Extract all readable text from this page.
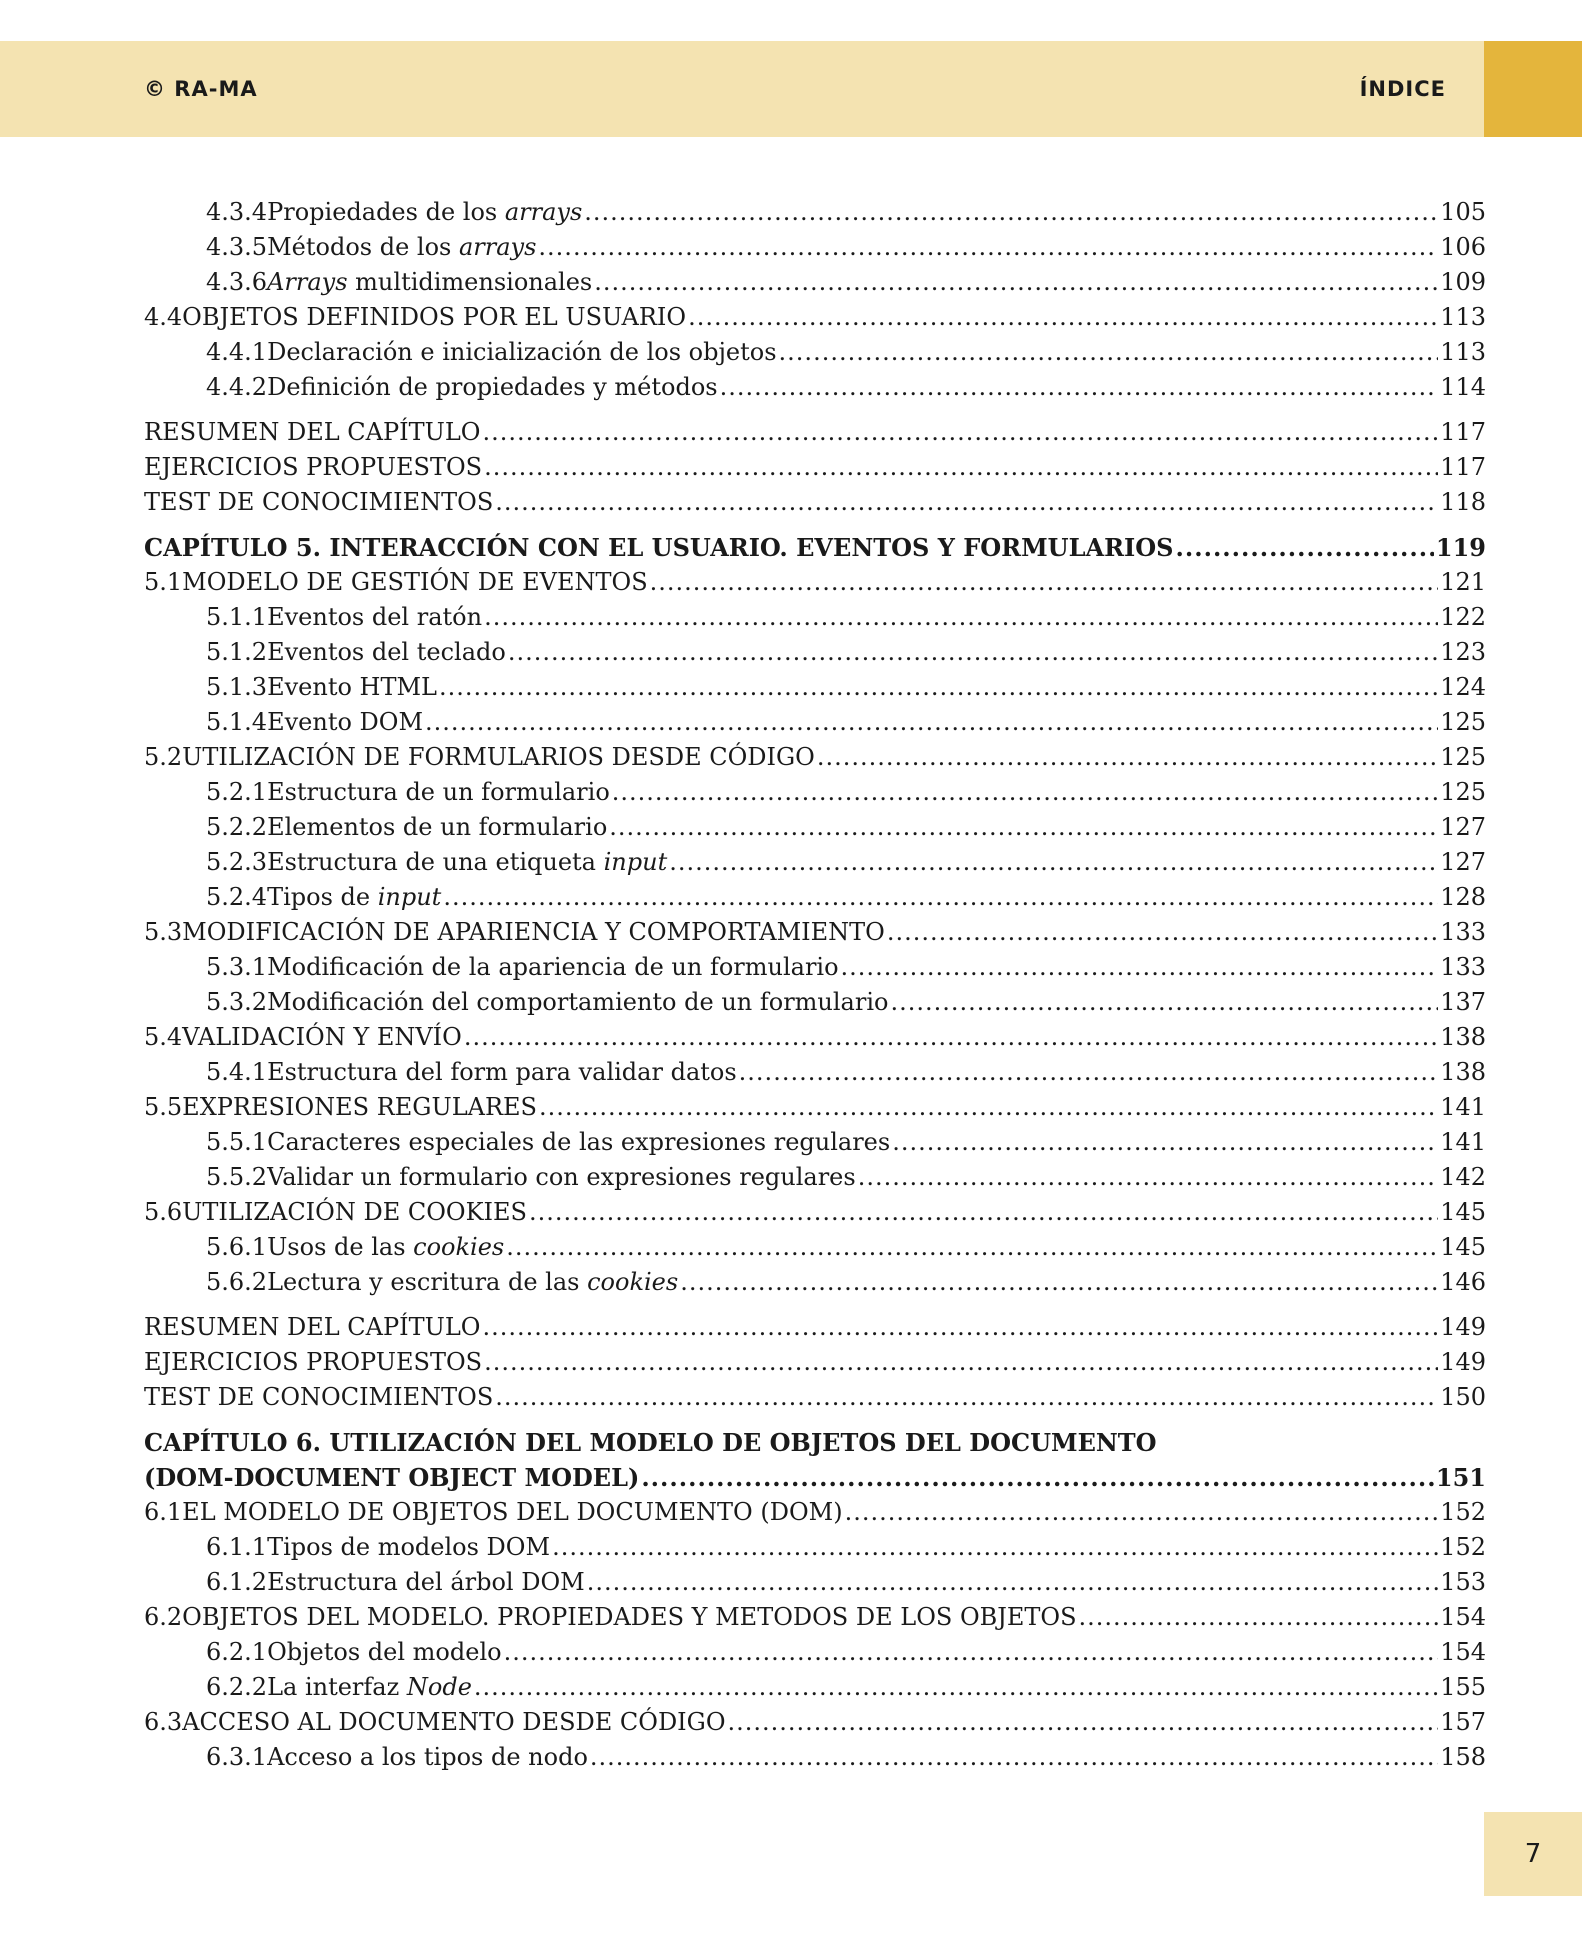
© RA-MA	ÍNDICE
4.3.4 Propiedades de los arrays .....	105
4.3.5 Métodos de los arrays .....	106
4.3.6 Arrays multidimensionales .....	109
4.4 OBJETOS DEFINIDOS POR EL USUARIO .....	113
4.4.1 Declaración e inicialización de los objetos .....	113
4.4.2 Definición de propiedades y métodos .....	114
RESUMEN DEL CAPÍTULO .....	117
EJERCICIOS PROPUESTOS .....	117
TEST DE CONOCIMIENTOS .....	118
CAPÍTULO 5. INTERACCIÓN CON EL USUARIO. EVENTOS Y FORMULARIOS .....	119
5.1 MODELO DE GESTIÓN DE EVENTOS .....	121
5.1.1 Eventos del ratón .....	122
5.1.2 Eventos del teclado .....	123
5.1.3 Evento HTML .....	124
5.1.4 Evento DOM .....	125
5.2 UTILIZACIÓN DE FORMULARIOS DESDE CÓDIGO .....	125
5.2.1 Estructura de un formulario .....	125
5.2.2 Elementos de un formulario .....	127
5.2.3 Estructura de una etiqueta input .....	127
5.2.4 Tipos de input .....	128
5.3 MODIFICACIÓN DE APARIENCIA Y COMPORTAMIENTO .....	133
5.3.1 Modificación de la apariencia de un formulario .....	133
5.3.2 Modificación del comportamiento de un formulario .....	137
5.4 VALIDACIÓN Y ENVÍO .....	138
5.4.1 Estructura del form para validar datos .....	138
5.5 EXPRESIONES REGULARES .....	141
5.5.1 Caracteres especiales de las expresiones regulares .....	141
5.5.2 Validar un formulario con expresiones regulares .....	142
5.6 UTILIZACIÓN DE COOKIES .....	145
5.6.1 Usos de las cookies .....	145
5.6.2 Lectura y escritura de las cookies .....	146
RESUMEN DEL CAPÍTULO .....	149
EJERCICIOS PROPUESTOS .....	149
TEST DE CONOCIMIENTOS .....	150
CAPÍTULO 6. UTILIZACIÓN DEL MODELO DE OBJETOS DEL DOCUMENTO
(DOM-DOCUMENT OBJECT MODEL) .....	151
6.1 EL MODELO DE OBJETOS DEL DOCUMENTO (DOM) .....	152
6.1.1 Tipos de modelos DOM .....	152
6.1.2 Estructura del árbol DOM .....	153
6.2 OBJETOS DEL MODELO. PROPIEDADES Y METODOS DE LOS OBJETOS .....	154
6.2.1 Objetos del modelo .....	154
6.2.2 La interfaz Node .....	155
6.3 ACCESO AL DOCUMENTO DESDE CÓDIGO .....	157
6.3.1 Acceso a los tipos de nodo .....	158
7
